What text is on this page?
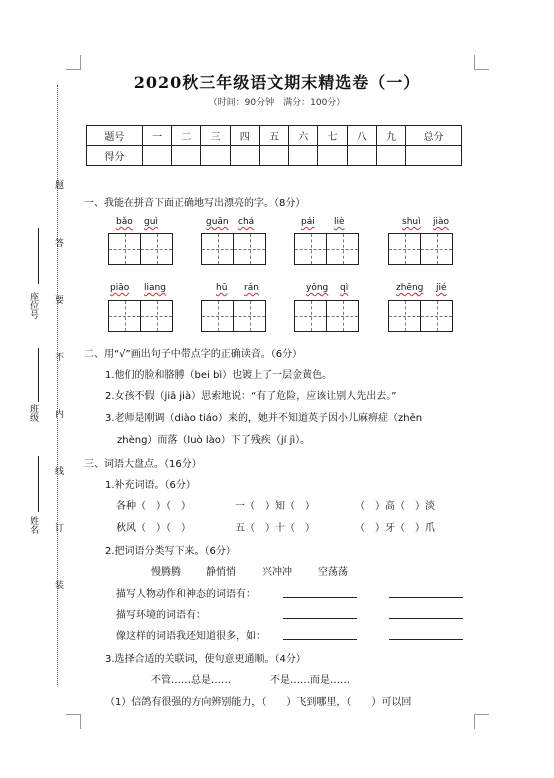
2020秋三年级语文期末精选卷（一）
（时间：90分钟　满分：100分）
题号	一	二	三	四	五	六	七	八	九	总分
得分										
一、我能在拼音下面正确地写出漂亮的字。（8分）
bǎo guì	guān chá	pái liè	shuì jiào
piāo liang	hū rán	yǒng qì	zhēng jié
二、用“√”画出句子中带点字的正确读音。（6分）
1.他们的脸和胳膊（bei bì）也镀上了一层金黄色。
2.女孩不假（jiā jià）思索地说：“有了危险，应该让别人先出去。”
3.老师是刚调（diào tiáo）来的，她并不知道英子因小儿麻痹症（zhēn
zhèng）而落（luò lào）下了残疾（jí jì）。
三、词语大盘点。（16分）
1.补充词语。（6分）
各种（　）（　）	一（　）知（　）	（　）高（　）淡
秋风（　）（　）	五（　）十（　）	（　）牙（　）爪
2.把词语分类写下来。（6分）
慢腾腾	静悄悄	兴冲冲	空荡荡
描写人物动作和神态的词语有：
描写环境的词语有：
像这样的词语我还知道很多，如：
3.选择合适的关联词，使句意更通顺。（4分）
不管……总是……	不是……而是……
（1）信鸽有很强的方向辨别能力，（　　）飞到哪里，（　　）可以回
座位号
班级
姓名
题
答
要
不
内
线
订
装
